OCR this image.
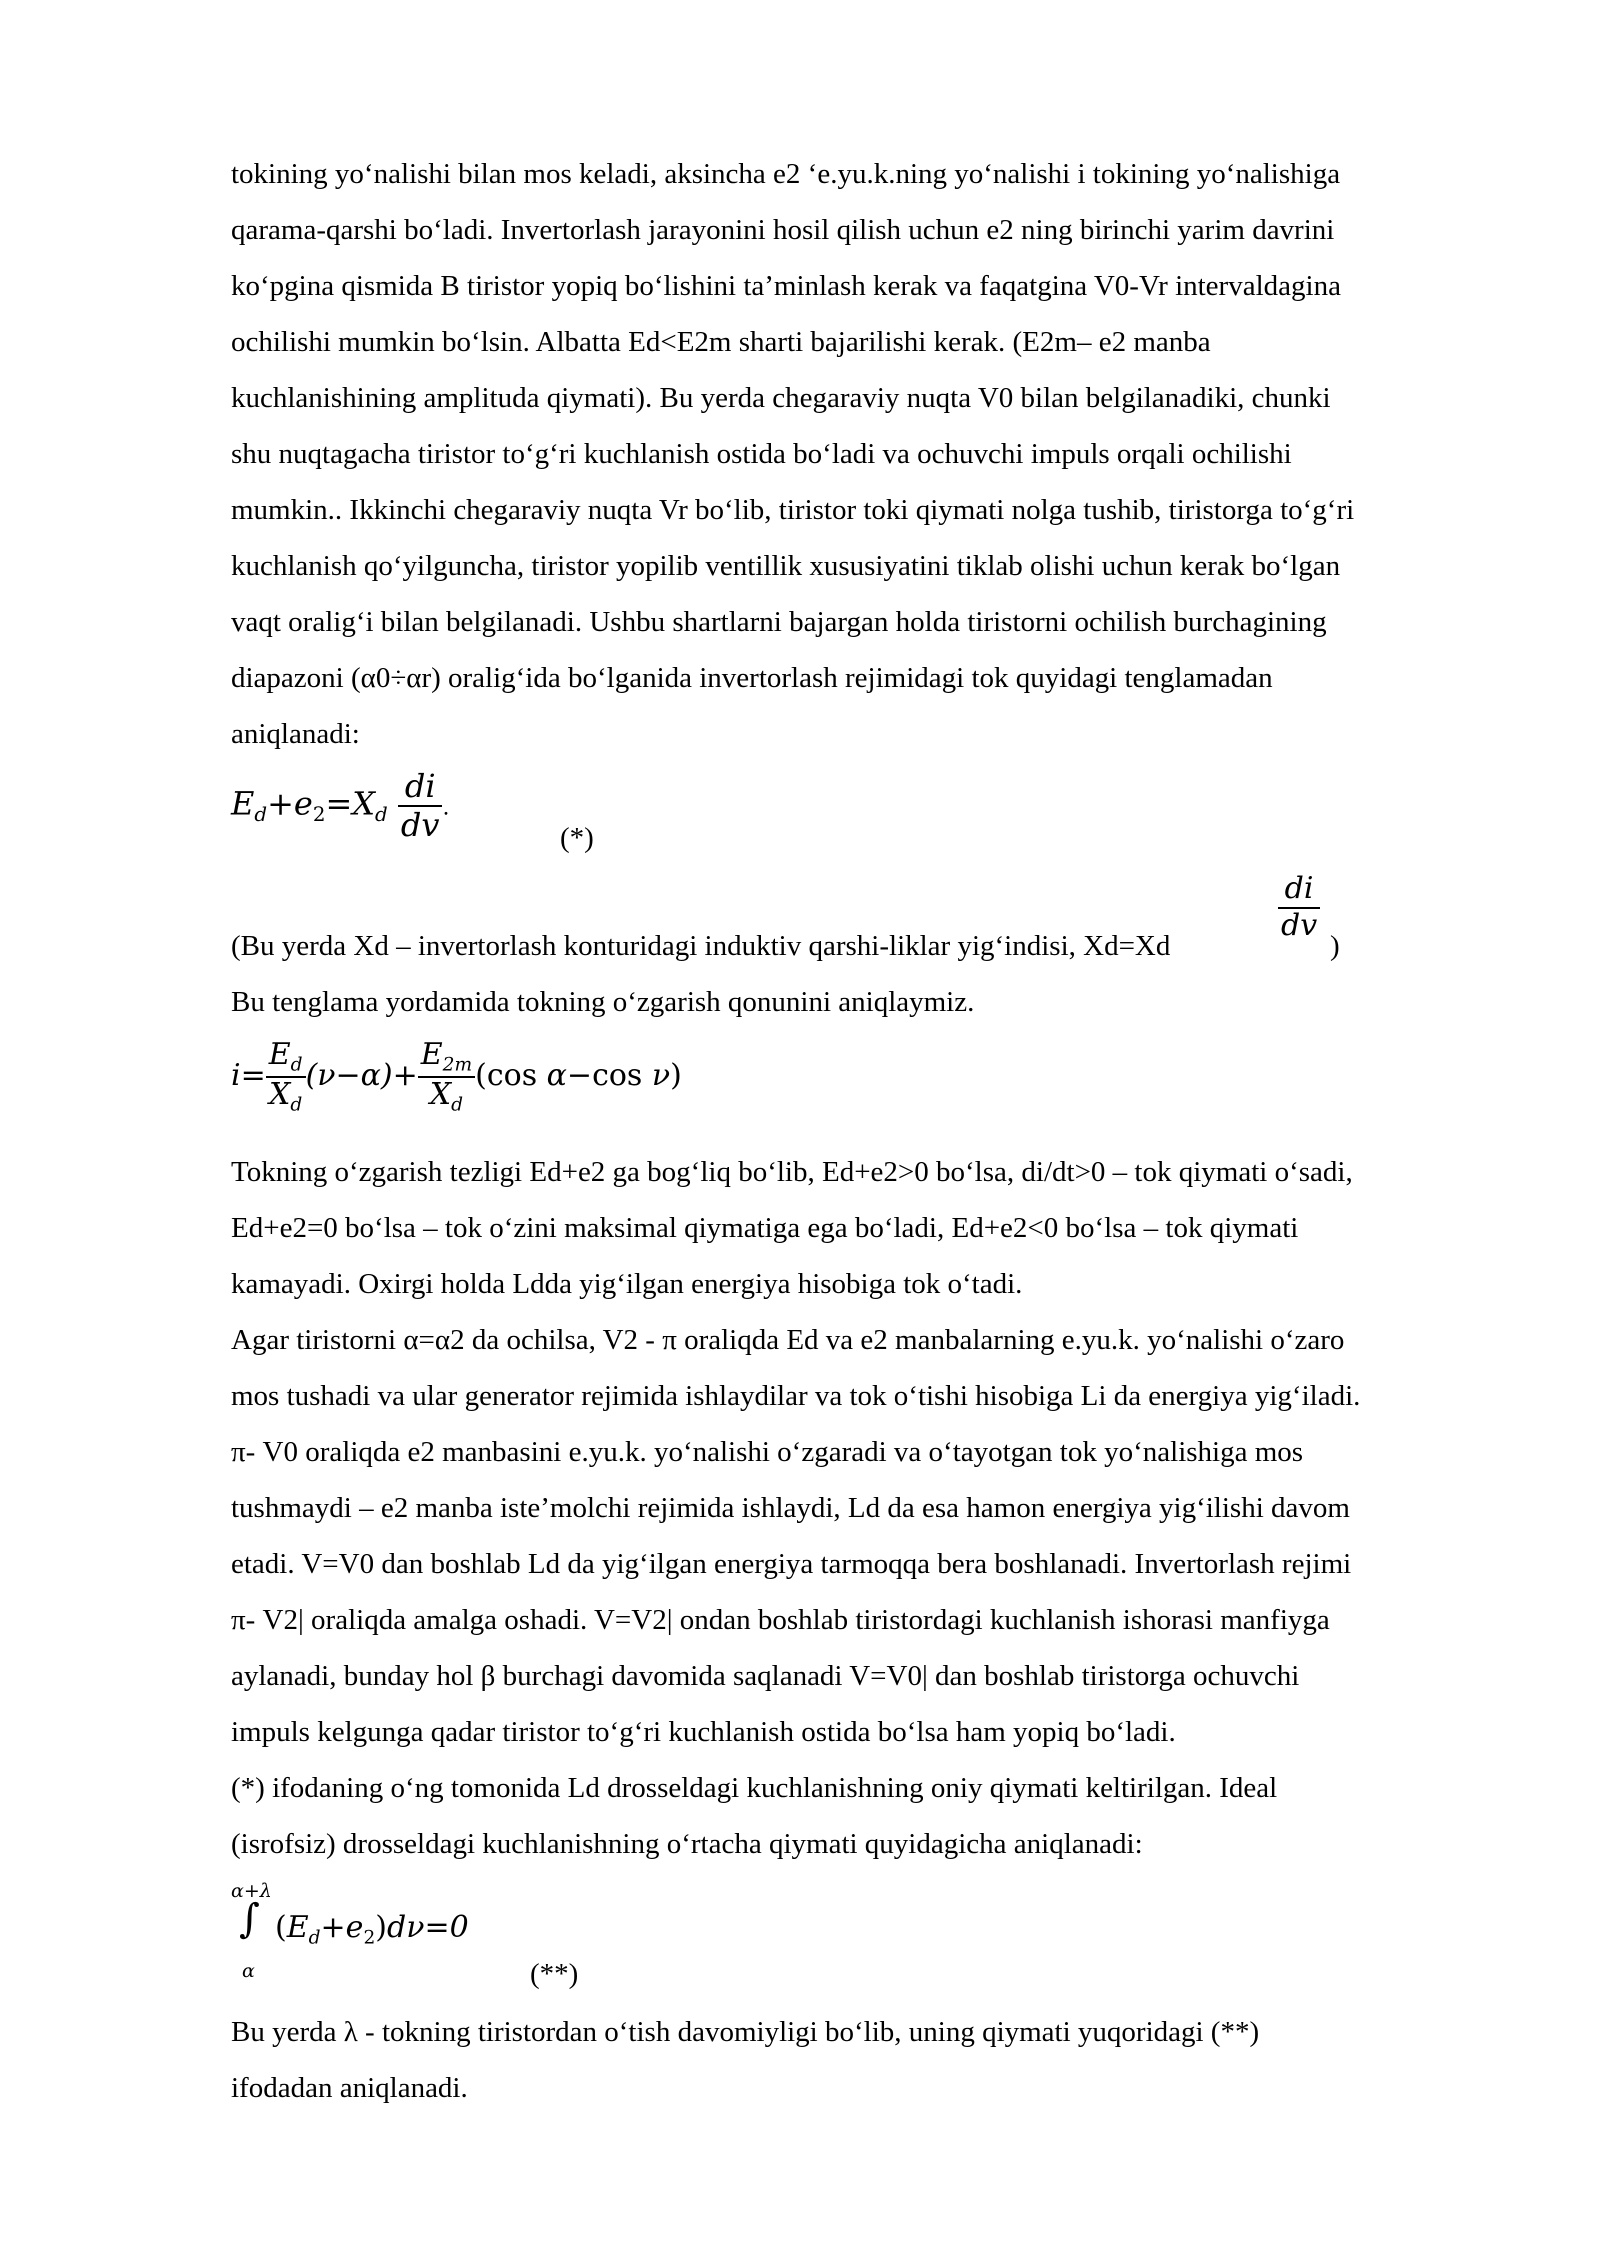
tokining yo‘nalishi bilan mos keladi, aksincha e2 ‘e.yu.k.ning yo‘nalishi i tokining yo‘nalishiga
qarama-qarshi bo‘ladi. Invertorlash jarayonini hosil qilish uchun e2 ning birinchi yarim davrini
ko‘pgina qismida B tiristor yopiq bo‘lishini ta’minlash kerak va faqatgina V0-Vr intervaldagina
ochilishi mumkin bo‘lsin. Albatta Ed<E2m sharti bajarilishi kerak. (E2m– e2 manba
kuchlanishining amplituda qiymati). Bu yerda chegaraviy nuqta V0 bilan belgilanadiki, chunki
shu nuqtagacha tiristor to‘g‘ri kuchlanish ostida bo‘ladi va ochuvchi impuls orqali ochilishi
mumkin.. Ikkinchi chegaraviy nuqta Vr bo‘lib, tiristor toki qiymati nolga tushib, tiristorga to‘g‘ri
kuchlanish qo‘yilguncha, tiristor yopilib ventillik xususiyatini tiklab olishi uchun kerak bo‘lgan
vaqt oralig‘i bilan belgilanadi. Ushbu shartlarni bajargan holda tiristorni ochilish burchagining
diapazoni (α0÷αr) oralig‘ida bo‘lganida invertorlash rejimidagi tok quyidagi tenglamadan
aniqlanadi:
$E_d+e_2=X_d \frac{di}{dv}$ .
(*)
(Bu yerda Xd – invertorlash konturidagi induktiv qarshi-liklar yig‘indisi, Xd=Xd
$\frac{di}{dv}$
)
Bu tenglama yordamida tokning o‘zgarish qonunini aniqlaymiz.
$i= \frac{E_d}{X_d} (\nu-\alpha)+ \frac{E_{2m}}{X_d} (\cos$ α−cos ν)
Tokning o‘zgarish tezligi Ed+e2 ga bog‘liq bo‘lib, Ed+e2>0 bo‘lsa, di/dt>0 – tok qiymati o‘sadi,
Ed+e2=0 bo‘lsa – tok o‘zini maksimal qiymatiga ega bo‘ladi, Ed+e2<0 bo‘lsa – tok qiymati
kamayadi. Oxirgi holda Ldda yig‘ilgan energiya hisobiga tok o‘tadi.
Agar tiristorni α=α2 da ochilsa, V2 - π oraliqda Ed va e2 manbalarning e.yu.k. yo‘nalishi o‘zaro
mos tushadi va ular generator rejimida ishlaydilar va tok o‘tishi hisobiga Li da energiya yig‘iladi.
π- V0 oraliqda e2 manbasini e.yu.k. yo‘nalishi o‘zgaradi va o‘tayotgan tok yo‘nalishiga mos
tushmaydi – e2 manba iste’molchi rejimida ishlaydi, Ld da esa hamon energiya yig‘ilishi davom
etadi. V=V0 dan boshlab Ld da yig‘ilgan energiya tarmoqqa bera boshlanadi. Invertorlash rejimi
π- V2| oraliqda amalga oshadi. V=V2| ondan boshlab tiristordagi kuchlanish ishorasi manfiyga
aylanadi, bunday hol β burchagi davomida saqlanadi V=V0| dan boshlab tiristorga ochuvchi
impuls kelgunga qadar tiristor to‘g‘ri kuchlanish ostida bo‘lsa ham yopiq bo‘ladi.
(*) ifodaning o‘ng tomonida Ld drosseldagi kuchlanishning oniy qiymati keltirilgan. Ideal
(isrofsiz) drosseldagi kuchlanishning o‘rtacha qiymati quyidagicha aniqlanadi:
α+λ
∫
α
$(E_d+e_2)d\nu=0$
(**)
Bu yerda λ - tokning tiristordan o‘tish davomiyligi bo‘lib, uning qiymati yuqoridagi (**)
ifodadan aniqlanadi.
